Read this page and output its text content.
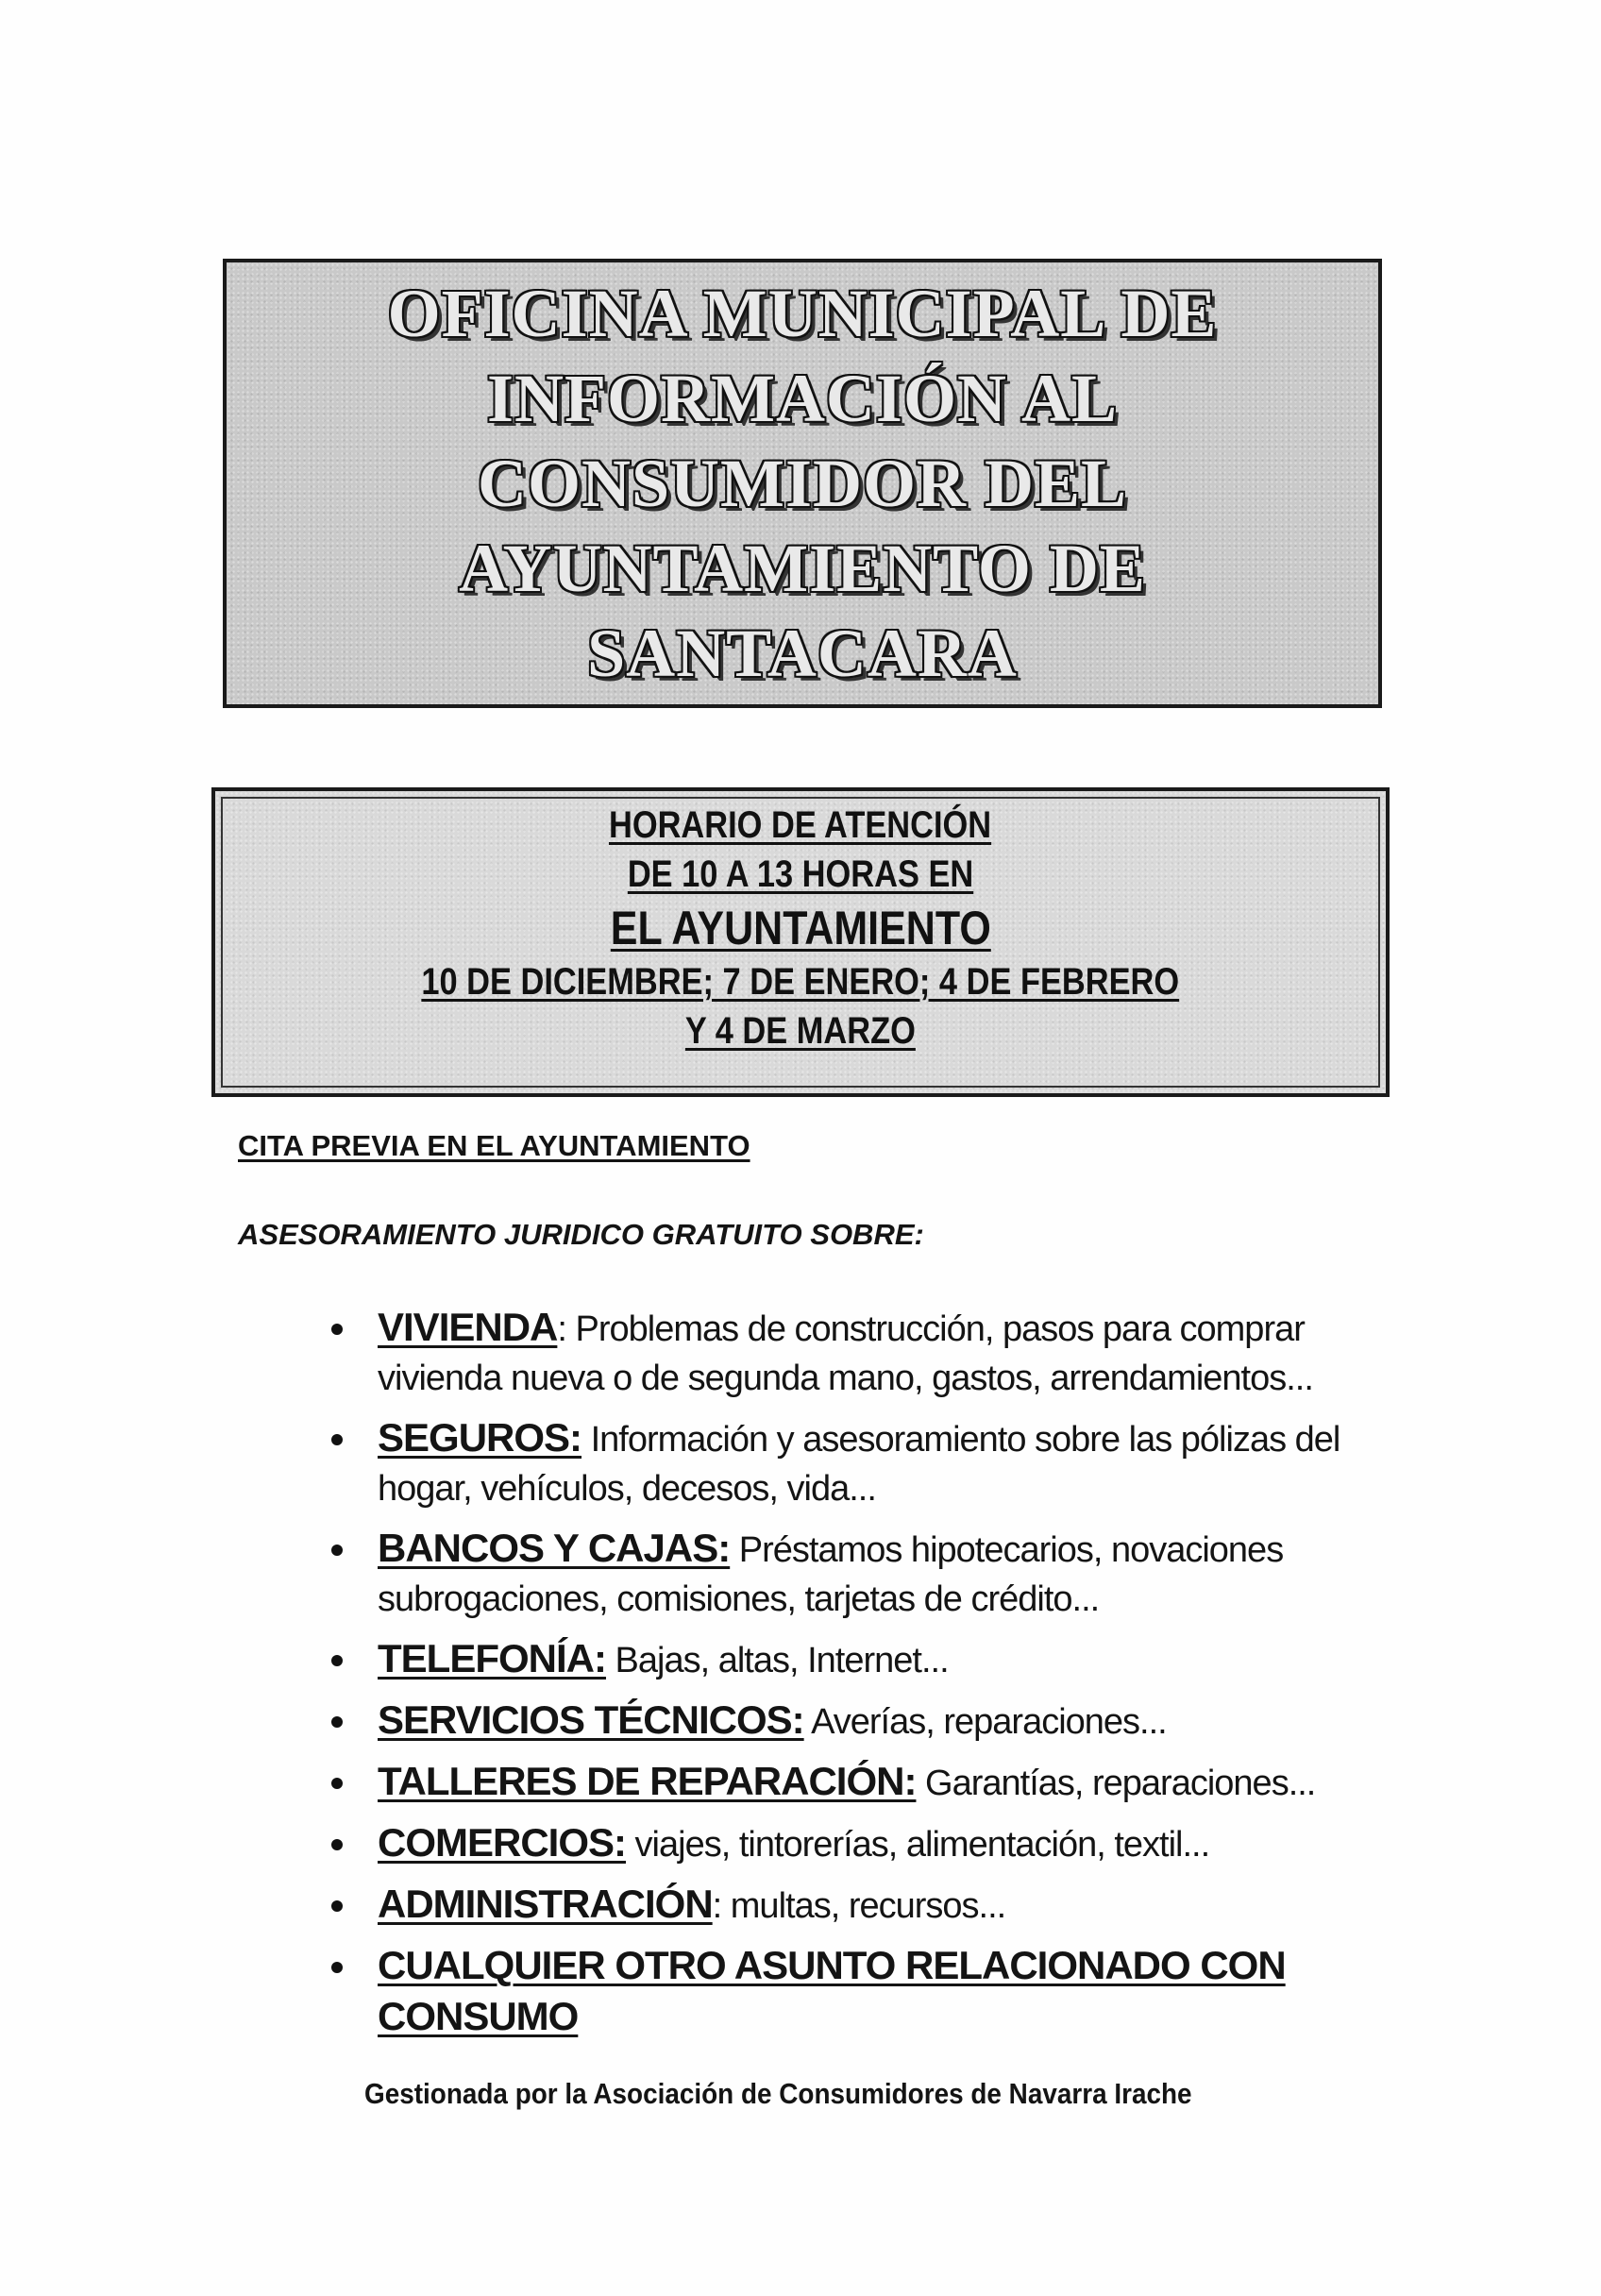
OFICINA MUNICIPAL DE
INFORMACIÓN AL
CONSUMIDOR DEL
AYUNTAMIENTO DE
SANTACARA
HORARIO DE ATENCIÓN
DE 10 A 13 HORAS EN
EL AYUNTAMIENTO
10 DE DICIEMBRE; 7 DE ENERO; 4 DE FEBRERO
Y 4 DE MARZO
CITA PREVIA EN EL AYUNTAMIENTO
ASESORAMIENTO JURIDICO GRATUITO SOBRE:
VIVIENDA: Problemas de construcción, pasos para comprar vivienda nueva o de segunda mano, gastos, arrendamientos...
SEGUROS: Información y asesoramiento sobre las pólizas del hogar, vehículos, decesos, vida...
BANCOS Y CAJAS: Préstamos hipotecarios, novaciones subrogaciones, comisiones, tarjetas de crédito...
TELEFONÍA: Bajas, altas, Internet...
SERVICIOS TÉCNICOS: Averías, reparaciones...
TALLERES DE REPARACIÓN: Garantías, reparaciones...
COMERCIOS: viajes, tintorerías, alimentación, textil...
ADMINISTRACIÓN: multas, recursos...
CUALQUIER OTRO ASUNTO RELACIONADO CON CONSUMO
Gestionada por la Asociación de Consumidores de Navarra Irache
